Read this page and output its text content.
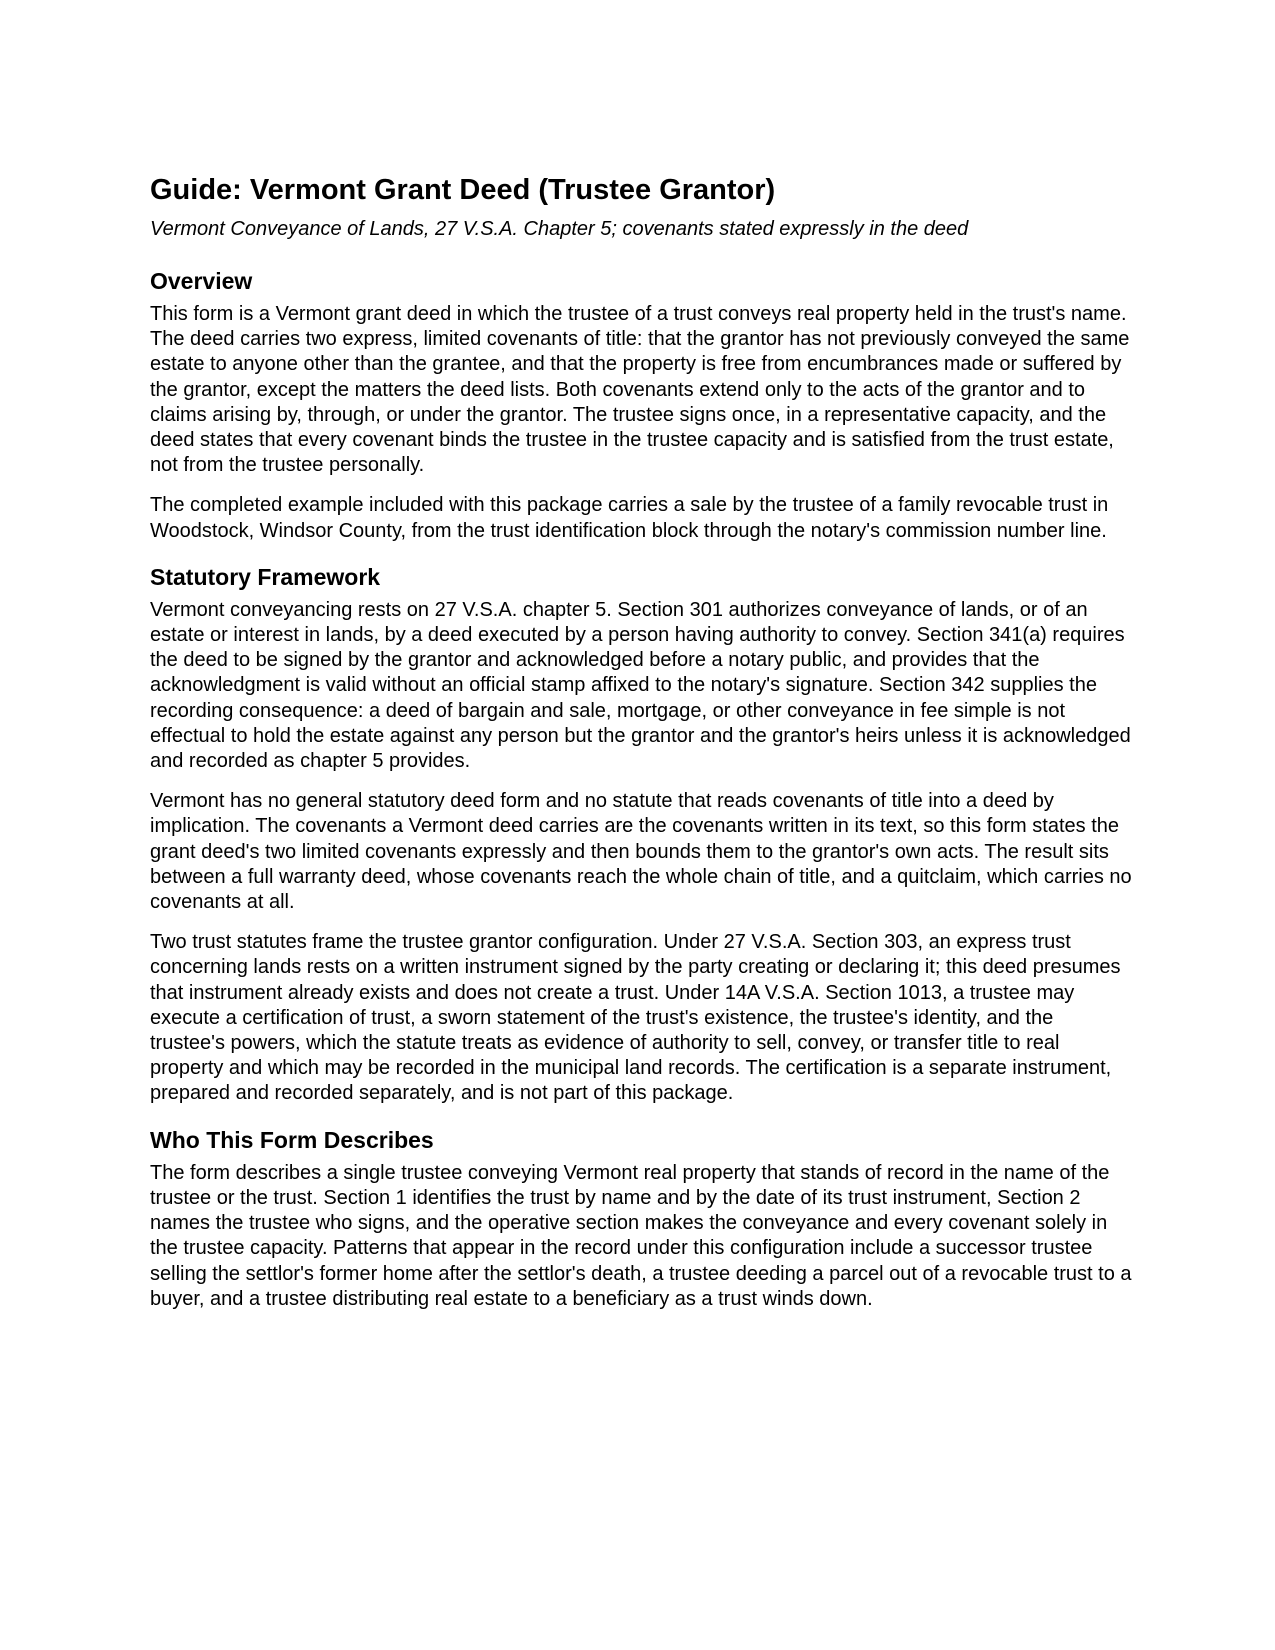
Guide: Vermont Grant Deed (Trustee Grantor)
Vermont Conveyance of Lands, 27 V.S.A. Chapter 5; covenants stated expressly in the deed
Overview

This form is a Vermont grant deed in which the trustee of a trust conveys real property held in the trust's name. The deed carries two express, limited covenants of title: that the grantor has not previously conveyed the same estate to anyone other than the grantee, and that the property is free from encumbrances made or suffered by the grantor, except the matters the deed lists. Both covenants extend only to the acts of the grantor and to claims arising by, through, or under the grantor. The trustee signs once, in a representative capacity, and the deed states that every covenant binds the trustee in the trustee capacity and is satisfied from the trust estate, not from the trustee personally.

The completed example included with this package carries a sale by the trustee of a family revocable trust in Woodstock, Windsor County, from the trust identification block through the notary's commission number line.

Statutory Framework

Vermont conveyancing rests on 27 V.S.A. chapter 5. Section 301 authorizes conveyance of lands, or of an estate or interest in lands, by a deed executed by a person having authority to convey. Section 341(a) requires the deed to be signed by the grantor and acknowledged before a notary public, and provides that the acknowledgment is valid without an official stamp affixed to the notary's signature. Section 342 supplies the recording consequence: a deed of bargain and sale, mortgage, or other conveyance in fee simple is not effectual to hold the estate against any person but the grantor and the grantor's heirs unless it is acknowledged and recorded as chapter 5 provides.

Vermont has no general statutory deed form and no statute that reads covenants of title into a deed by implication. The covenants a Vermont deed carries are the covenants written in its text, so this form states the grant deed's two limited covenants expressly and then bounds them to the grantor's own acts. The result sits between a full warranty deed, whose covenants reach the whole chain of title, and a quitclaim, which carries no covenants at all.

Two trust statutes frame the trustee grantor configuration. Under 27 V.S.A. Section 303, an express trust concerning lands rests on a written instrument signed by the party creating or declaring it; this deed presumes that instrument already exists and does not create a trust. Under 14A V.S.A. Section 1013, a trustee may execute a certification of trust, a sworn statement of the trust's existence, the trustee's identity, and the trustee's powers, which the statute treats as evidence of authority to sell, convey, or transfer title to real property and which may be recorded in the municipal land records. The certification is a separate instrument, prepared and recorded separately, and is not part of this package.

Who This Form Describes

The form describes a single trustee conveying Vermont real property that stands of record in the name of the trustee or the trust. Section 1 identifies the trust by name and by the date of its trust instrument, Section 2 names the trustee who signs, and the operative section makes the conveyance and every covenant solely in the trustee capacity. Patterns that appear in the record under this configuration include a successor trustee selling the settlor's former home after the settlor's death, a trustee deeding a parcel out of a revocable trust to a buyer, and a trustee distributing real estate to a beneficiary as a trust winds down.
